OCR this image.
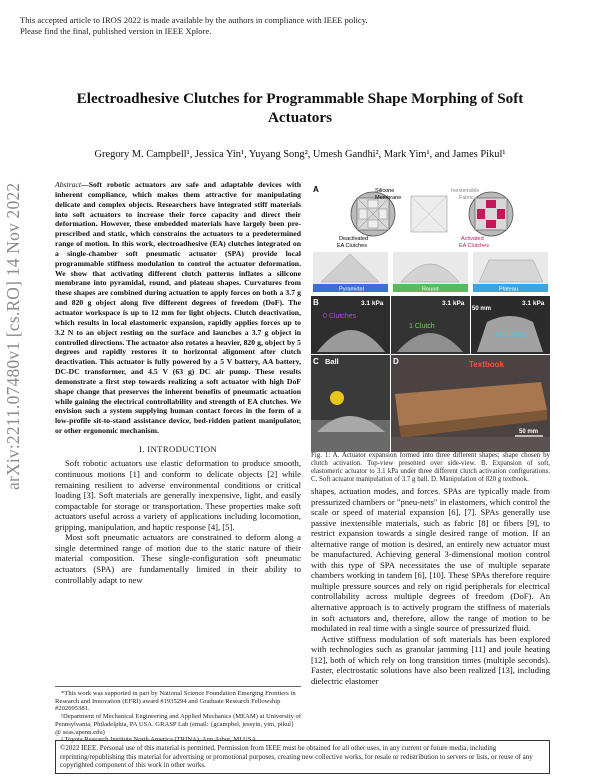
This accepted article to IROS 2022 is made available by the authors in compliance with IEEE policy.
Please find the final, published version in IEEE Xplore.
arXiv:2211.07480v1 [cs.RO] 14 Nov 2022
Electroadhesive Clutches for Programmable Shape Morphing of Soft Actuators
Gregory M. Campbell¹, Jessica Yin¹, Yuyang Song², Umesh Gandhi², Mark Yim¹, and James Pikul¹
Abstract—Soft robotic actuators are safe and adaptable devices with inherent compliance, which makes them attractive for manipulating delicate and complex objects. Researchers have integrated stiff materials into soft actuators to increase their force capacity and direct their deformation. However, these embedded materials have largely been pre-prescribed and static, which constrains the actuators to a predetermined range of motion. In this work, electroadhesive (EA) clutches integrated on a single-chamber soft pneumatic actuator (SPA) provide local programmable stiffness modulation to control the actuator deformation. We show that activating different clutch patterns inflates a silicone membrane into pyramidal, round, and plateau shapes. Curvatures from these shapes are combined during actuation to apply forces on both a 3.7 g and 820 g object along five different degrees of freedom (DoF). The actuator workspace is up to 12 mm for light objects. Clutch deactivation, which results in local elastomeric expansion, rapidly applies forces up to 3.2 N to an object resting on the surface and launches a 3.7 g object in controlled directions. The actuator also rotates a heavier, 820 g, object by 5 degrees and rapidly restores it to horizontal alignment after clutch deactivation. This actuator is fully powered by a 5 V battery, AA battery, DC-DC transformer, and 4.5 V (63 g) DC air pump. These results demonstrate a first step towards realizing a soft actuator with high DoF shape change that preserves the inherent benefits of pneumatic actuation while gaining the electrical controllability and strength of EA clutches. We envision such a system supplying human contact forces in the form of a low-profile sit-to-stand assistance device, bed-ridden patient manipulator, or other ergonomic mechanism.
I. INTRODUCTION

Soft robotic actuators use elastic deformation to produce smooth, continuous motions [1] and conform to delicate objects [2] while remaining resilient to adverse environmental conditions or critical loading [3]. Soft materials are generally inexpensive, light, and easily compactable for storage or transportation. These properties make soft actuators useful across a variety of applications including locomotion, gripping, manipulation, and haptic response [4], [5].

Most soft pneumatic actuators are constrained to deform along a single determined range of motion due to the static nature of their material composition. These single-configuration soft pneumatic actuators (SPA) are fundamentally limited in their ability to controllably adapt to new

*This work was supported in part by National Science Foundation Emerging Frontiers in Research and Innovation (EFRI) award #1935294 and Graduate Research Fellowship #202095381.

¹Department of Mechanical Engineering and Applied Mechanics (MEAM) at University of Pennsylvania, Philadelphia, PA USA. GRASP Lab (email: {gcampbel, jessyin, yim, pikul} @ seas.upenn.edu)

² Toyota Research Institute North America (TRINA), Ann Arbor, MI USA

A	Silicone
Membrane
Inextensible
Fabric
Deactivated
EA Clutches
Activated
EA Clutches
Pyramidal	Round	Plateau
B	3.1 kPa	3.1 kPa	3.1 kPa
50 mm
0 Clutches
1 Clutch
4 Clutches
C Ball	D	Textbook
50 mm
Fig. 1: A. Actuator expansion formed into three different shapes; shape chosen by clutch activation. Top-view presented over side-view. B. Expansion of soft, elastomeric actuator to 3.1 kPa under three different clutch activation configurations. C. Soft actuator manipulation of 3.7 g ball. D. Manipulation of 820 g textbook.

shapes, actuation modes, and forces. SPAs are typically made from pressurized chambers or "pneu-nets" in elastomers, which control the scale or speed of material expansion [6], [7]. SPAs generally use passive inextensible materials, such as fabric [8] or fibers [9], to restrict expansion towards a single desired range of motion. If an alternative range of motion is desired, an entirely new actuator must be manufactured. Achieving general 3-dimensional motion control with this type of SPA necessitates the use of multiple separate chambers working in tandem [6], [10]. These SPAs therefore require multiple pressure sources and rely on rigid peripherals for electrical controllability across multiple degrees of freedom (DoF). An alternative approach is to actively program the stiffness of materials in soft actuators and, therefore, allow the range of motion to be modulated in real time with a single source of pressurized fluid.

Active stiffness modulation of soft materials has been explored with technologies such as granular jamming [11] and joule heating [12], both of which rely on long transition times (multiple seconds). Faster, electrostatic solutions have also been realized [13], including dielectric elastomer

©2022 IEEE. Personal use of this material is permitted. Permission from IEEE must be obtained for all other uses, in any current or future media, including reprinting/republishing this material for advertising or promotional purposes, creating new collective works, for resale or redistribution to servers or lists, or reuse of any copyrighted component of this work in other works.
